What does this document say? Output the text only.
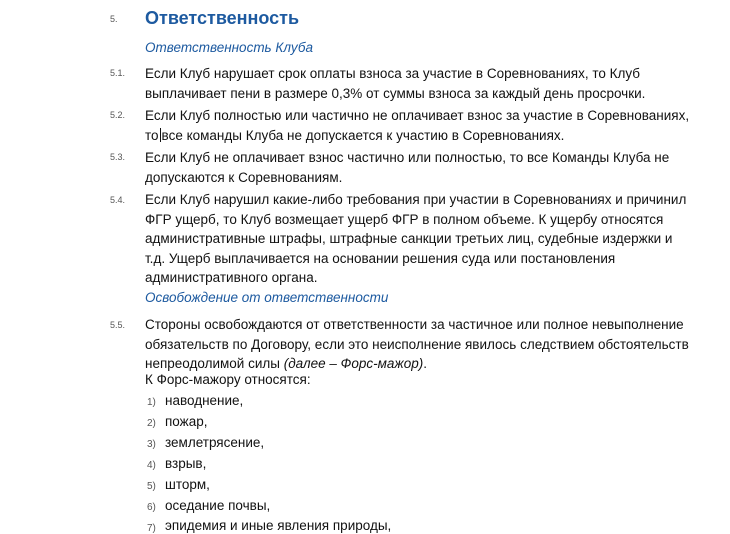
5. Ответственность
Ответственность Клуба
5.1. Если Клуб нарушает срок оплаты взноса за участие в Соревнованиях, то Клуб
выплачивает пени в размере 0,3% от суммы взноса за каждый день просрочки.
5.2. Если Клуб полностью или частично не оплачивает взнос за участие в Соревнованиях,
то все команды Клуба не допускается к участию в Соревнованиях.
5.3. Если Клуб не оплачивает взнос частично или полностью, то все Команды Клуба не
допускаются к Соревнованиям.
5.4. Если Клуб нарушил какие-либо требования при участии в Соревнованиях и причинил
ФГР ущерб, то Клуб возмещает ущерб ФГР в полном объеме. К ущербу относятся
административные штрафы, штрафные санкции третьих лиц, судебные издержки и
т.д. Ущерб выплачивается на основании решения суда или постановления
административного органа.
Освобождение от ответственности
5.5. Стороны освобождаются от ответственности за частичное или полное невыполнение
обязательств по Договору, если это неисполнение явилось следствием обстоятельств
непреодолимой силы (далее – Форс-мажор).
К Форс-мажору относятся:
1) наводнение,
2) пожар,
3) землетрясение,
4) взрыв,
5) шторм,
6) оседание почвы,
7) эпидемия и иные явления природы,
